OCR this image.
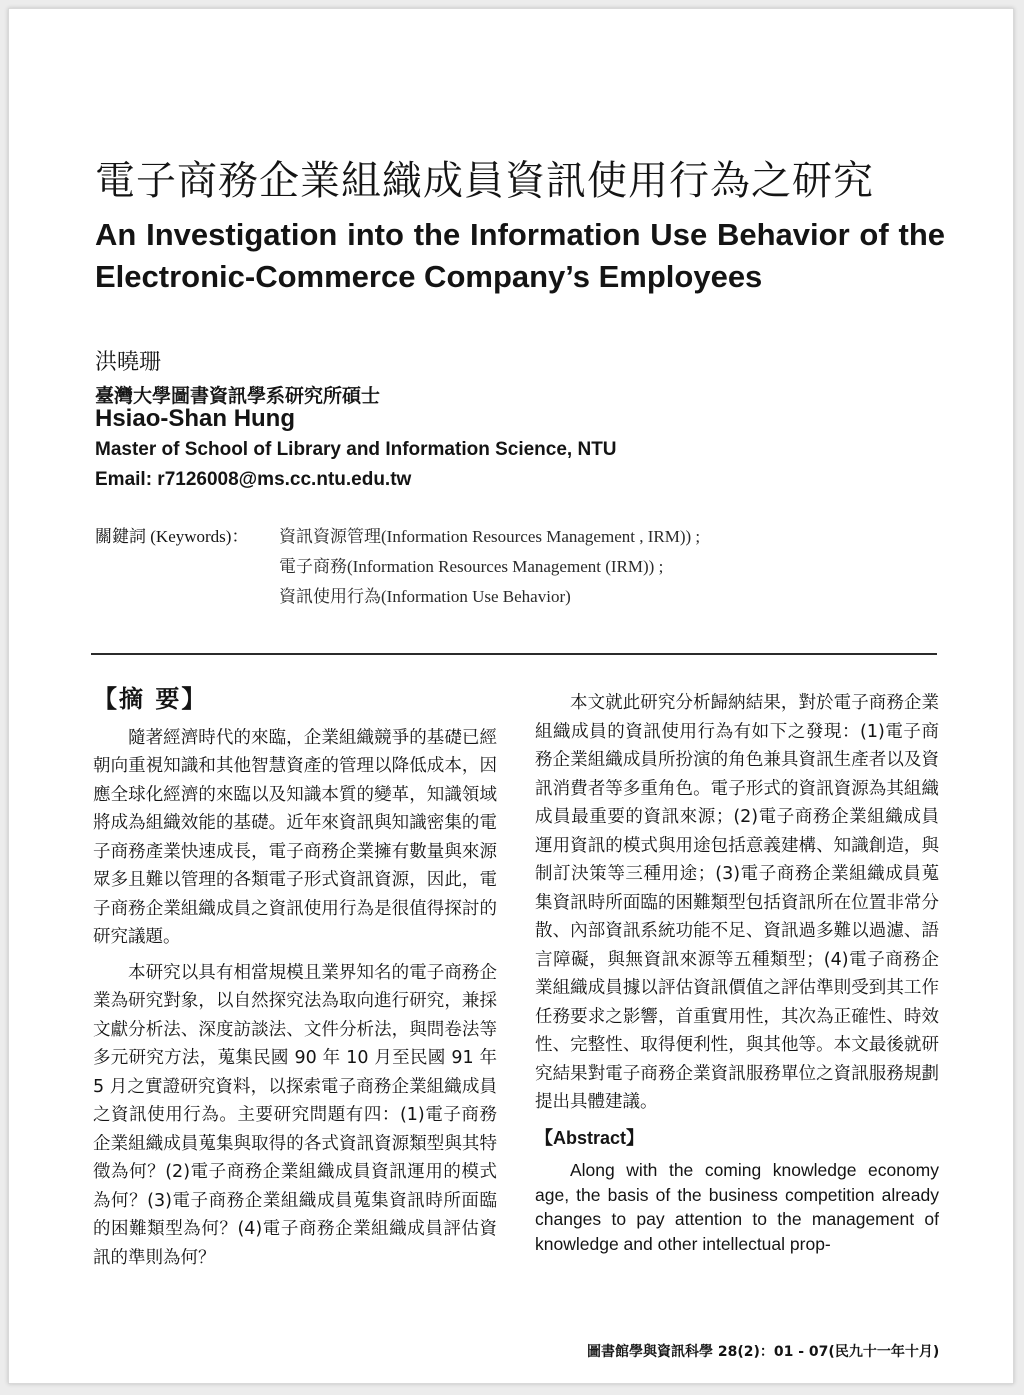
電子商務企業組織成員資訊使用行為之研究
An Investigation into the Information Use Behavior of the Electronic-Commerce Company’s Employees
洪曉珊
臺灣大學圖書資訊學系研究所碩士
Hsiao-Shan Hung
Master of School of Library and Information Science, NTU
Email: r7126008@ms.cc.ntu.edu.tw
關鍵詞 (Keywords)： 資訊資源管理(Information Resources Management , IRM)) ;
電子商務(Information Resources Management (IRM)) ;
資訊使用行為(Information Use Behavior)
【摘 要】

隨著經濟時代的來臨，企業組織競爭的基礎已經朝向重視知識和其他智慧資產的管理以降低成本，因應全球化經濟的來臨以及知識本質的變革，知識領域將成為組織效能的基礎。近年來資訊與知識密集的電子商務產業快速成長，電子商務企業擁有數量與來源眾多且難以管理的各類電子形式資訊資源，因此，電子商務企業組織成員之資訊使用行為是很值得探討的研究議題。

本研究以具有相當規模且業界知名的電子商務企業為研究對象，以自然探究法為取向進行研究，兼採文獻分析法、深度訪談法、文件分析法，與問卷法等多元研究方法，蒐集民國 90 年 10 月至民國 91 年 5 月之實證研究資料，以探索電子商務企業組織成員之資訊使用行為。主要研究問題有四：(1)電子商務企業組織成員蒐集與取得的各式資訊資源類型與其特徵為何？(2)電子商務企業組織成員資訊運用的模式為何？(3)電子商務企業組織成員蒐集資訊時所面臨的困難類型為何？(4)電子商務企業組織成員評估資訊的準則為何？

本文就此研究分析歸納結果，對於電子商務企業組織成員的資訊使用行為有如下之發現：(1)電子商務企業組織成員所扮演的角色兼具資訊生產者以及資訊消費者等多重角色。電子形式的資訊資源為其組織成員最重要的資訊來源；(2)電子商務企業組織成員運用資訊的模式與用途包括意義建構、知識創造，與制訂決策等三種用途；(3)電子商務企業組織成員蒐集資訊時所面臨的困難類型包括資訊所在位置非常分散、內部資訊系統功能不足、資訊過多難以過濾、語言障礙，與無資訊來源等五種類型；(4)電子商務企業組織成員據以評估資訊價值之評估準則受到其工作任務要求之影響，首重實用性，其次為正確性、時效性、完整性、取得便利性，與其他等。本文最後就研究結果對電子商務企業資訊服務單位之資訊服務規劃提出具體建議。

【Abstract】

Along with the coming knowledge economy age, the basis of the business competition already changes to pay attention to the management of knowledge and other intellectual prop-

圖書館學與資訊科學 28(2)：01 - 07(民九十一年十月)
